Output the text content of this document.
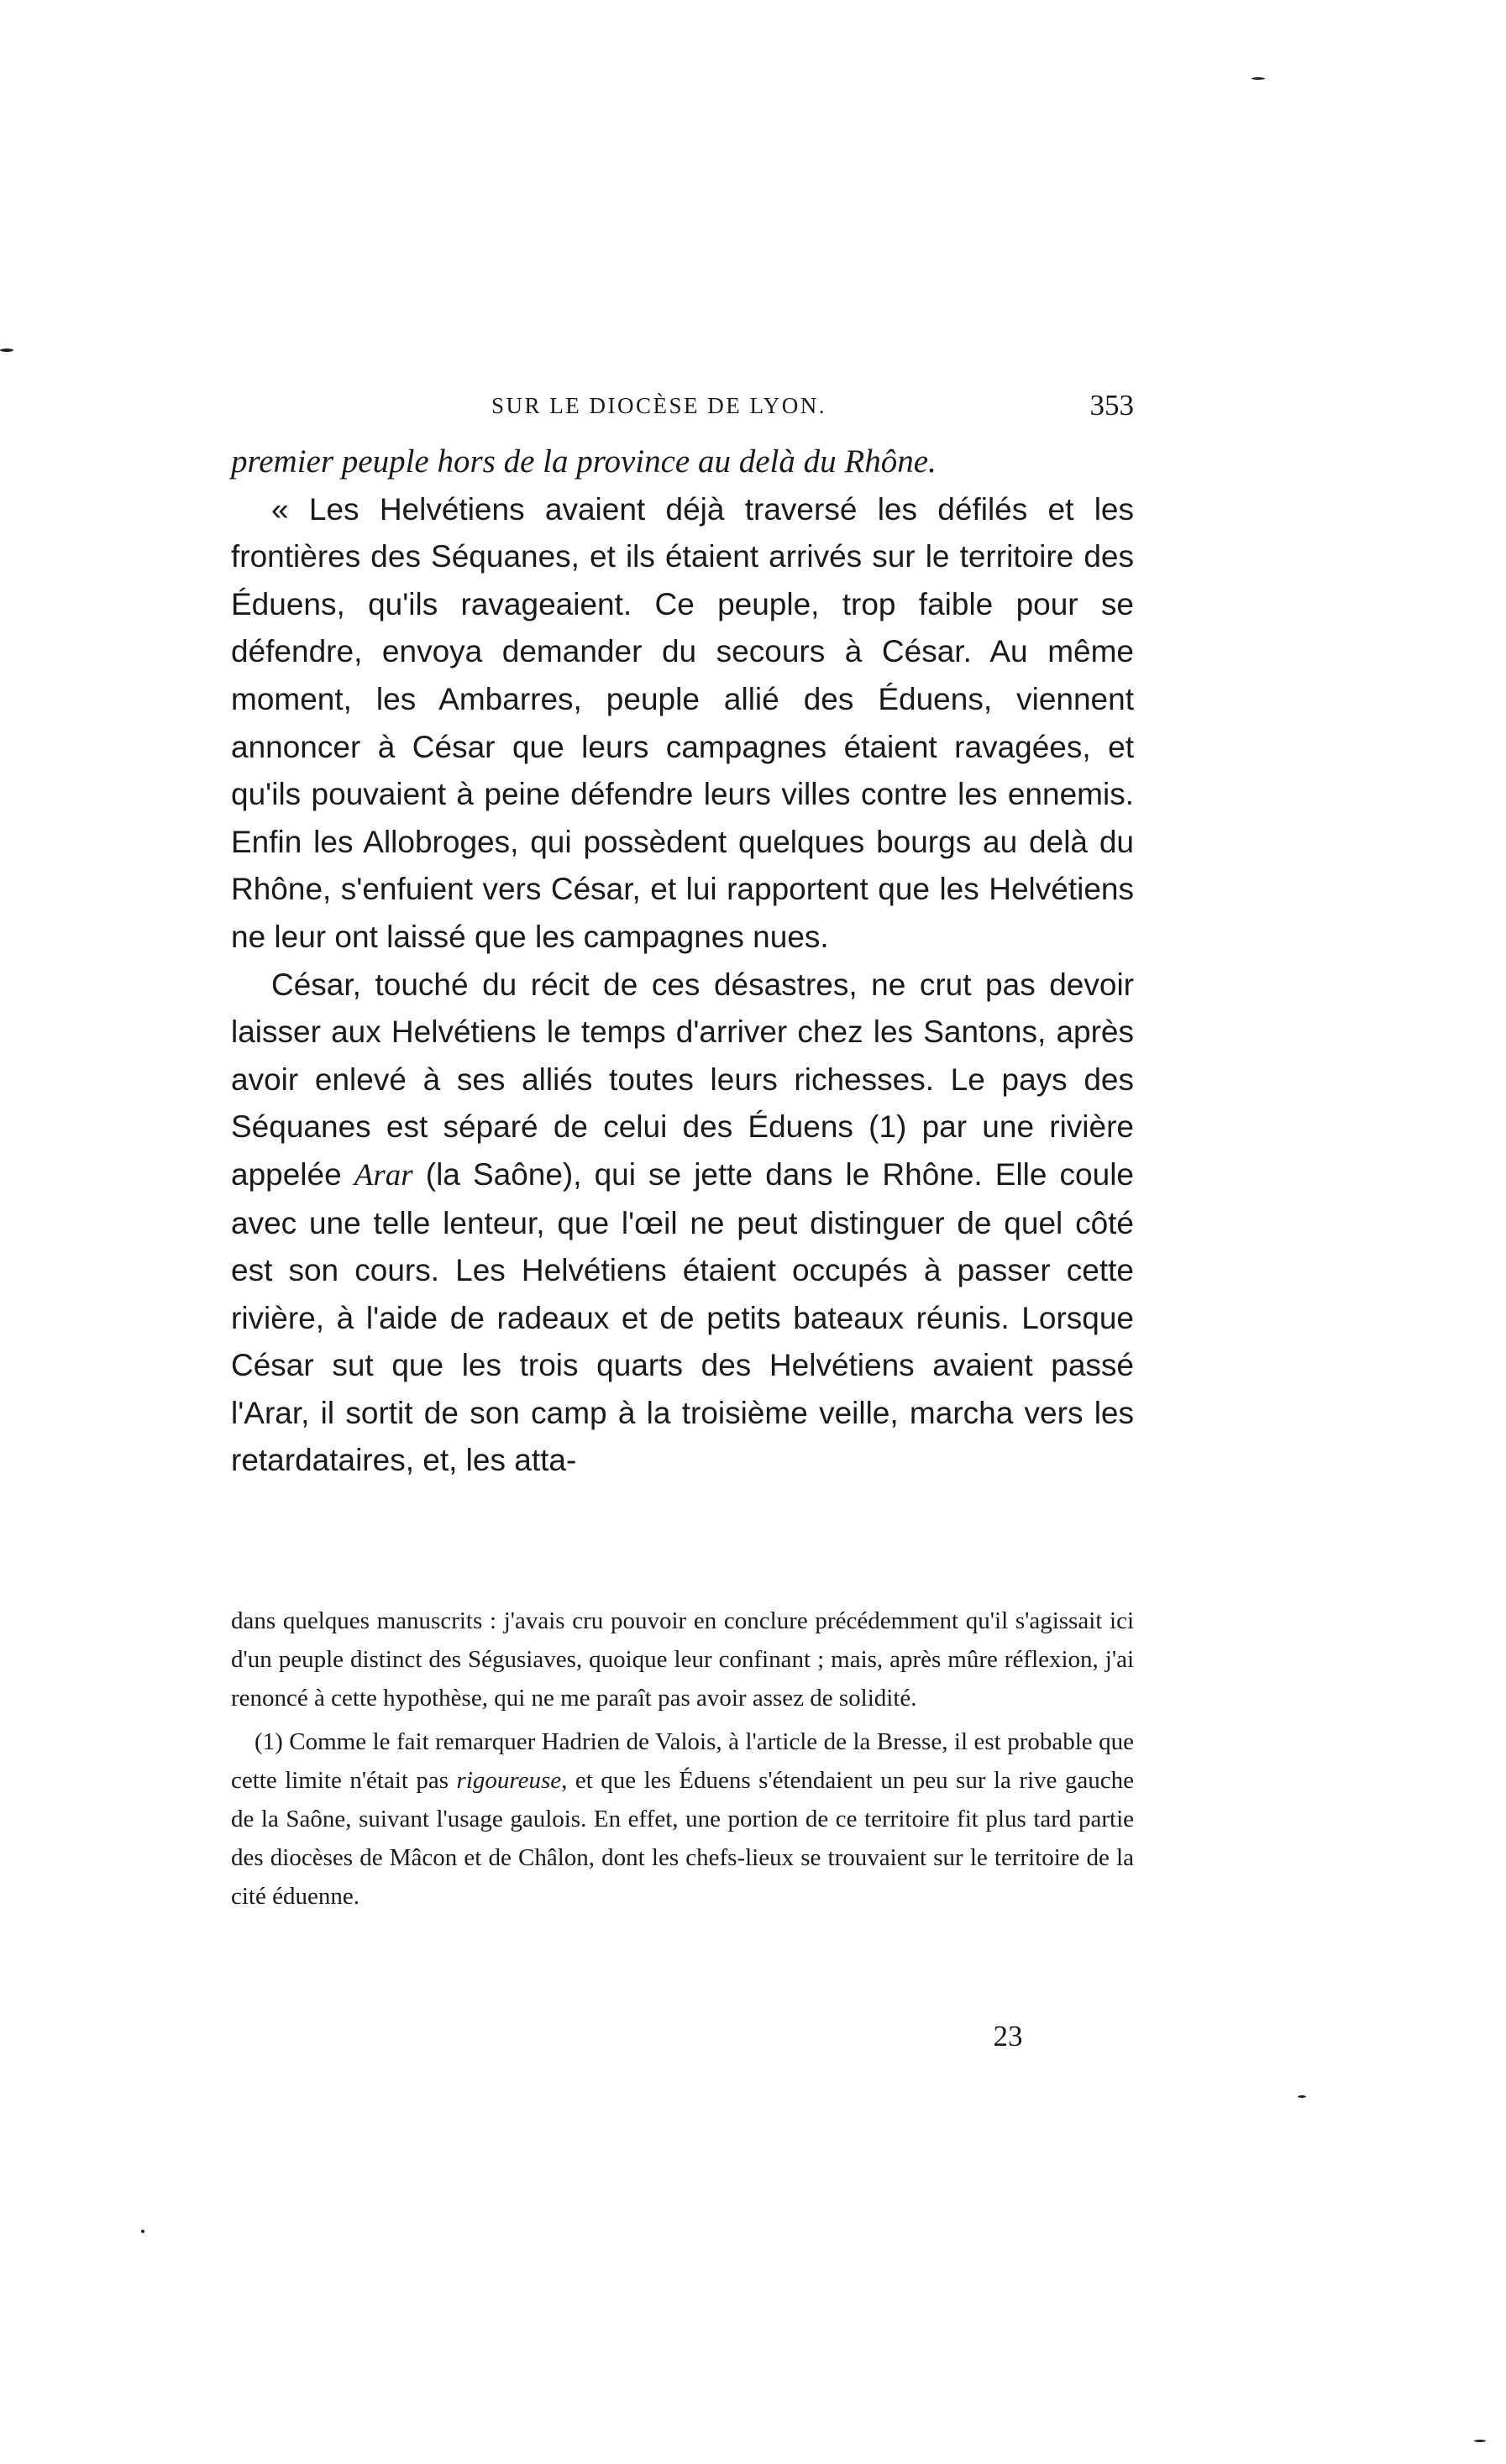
SUR LE DIOCÈSE DE LYON.	353

premier peuple hors de la province au delà du Rhône.

« Les Helvétiens avaient déjà traversé les défilés et les frontières des Séquanes, et ils étaient arrivés sur le territoire des Éduens, qu'ils ravageaient. Ce peuple, trop faible pour se défendre, envoya demander du secours à César. Au même moment, les Ambarres, peuple allié des Éduens, viennent annoncer à César que leurs campagnes étaient ravagées, et qu'ils pouvaient à peine défendre leurs villes contre les ennemis. Enfin les Allobroges, qui possèdent quelques bourgs au delà du Rhône, s'enfuient vers César, et lui rapportent que les Helvétiens ne leur ont laissé que les campagnes nues.

César, touché du récit de ces désastres, ne crut pas devoir laisser aux Helvétiens le temps d'arriver chez les Santons, après avoir enlevé à ses alliés toutes leurs richesses. Le pays des Séquanes est séparé de celui des Éduens (1) par une rivière appelée Arar (la Saône), qui se jette dans le Rhône. Elle coule avec une telle lenteur, que l'œil ne peut distinguer de quel côté est son cours. Les Helvétiens étaient occupés à passer cette rivière, à l'aide de radeaux et de petits bateaux réunis. Lorsque César sut que les trois quarts des Helvétiens avaient passé l'Arar, il sortit de son camp à la troisième veille, marcha vers les retardataires, et, les atta-

dans quelques manuscrits : j'avais cru pouvoir en conclure précédemment qu'il s'agissait ici d'un peuple distinct des Ségusiaves, quoique leur confinant ; mais, après mûre réflexion, j'ai renoncé à cette hypothèse, qui ne me paraît pas avoir assez de solidité.

(1) Comme le fait remarquer Hadrien de Valois, à l'article de la Bresse, il est probable que cette limite n'était pas rigoureuse, et que les Éduens s'étendaient un peu sur la rive gauche de la Saône, suivant l'usage gaulois. En effet, une portion de ce territoire fit plus tard partie des diocèses de Mâcon et de Châlon, dont les chefs-lieux se trouvaient sur le territoire de la cité éduenne.

23
